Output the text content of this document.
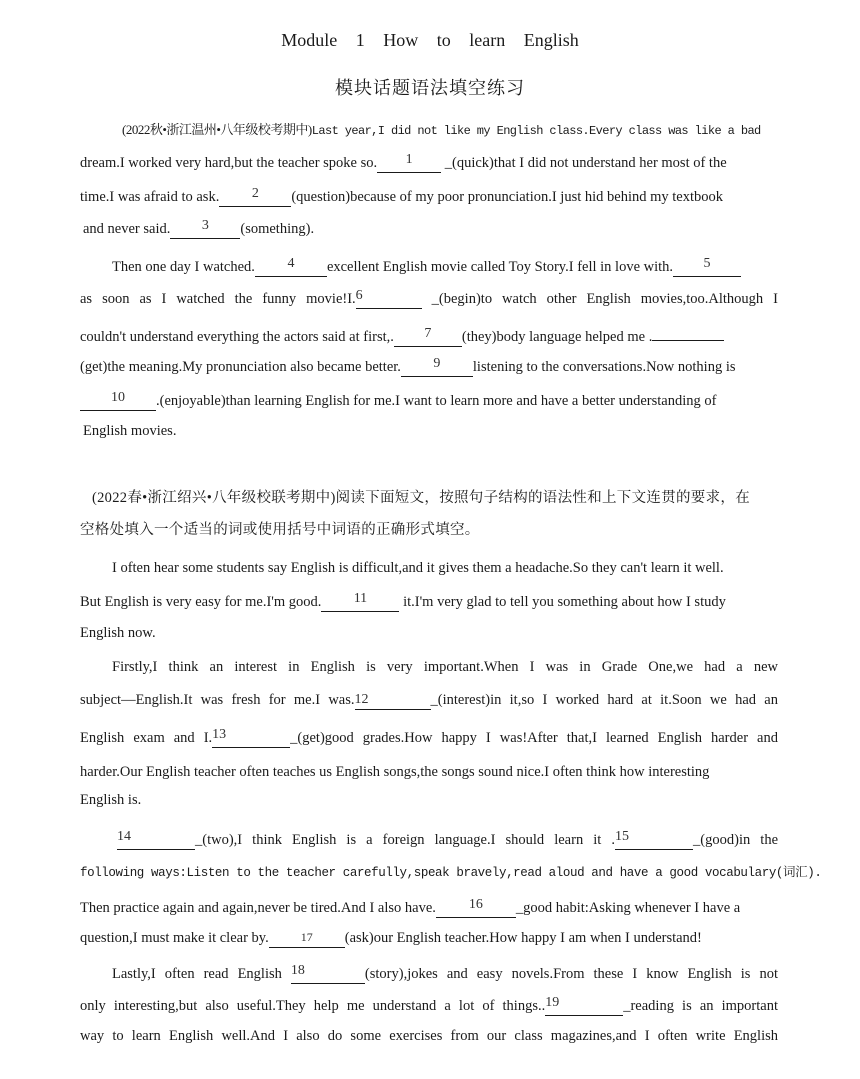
Module 1 How to learn English
模块话题语法填空练习
(2022秋•浙江温州•八年级校考期中)Last year,I did not like my English class.Every class was like a bad
dream.I worked very hard,but the teacher spoke so. 1 _(quick)that I did not understand her most of the
time.I was afraid to ask. 2 (question)because of my poor pronunciation.I just hid behind my textbook
and never said. 3 (something).
Then one day I watched. 4 excellent English movie called Toy Story.I fell in love with. 5
as soon as I watched the funny movie!I.6	_(begin)to watch other English movies,too.Although I
couldn't understand everything the actors said at first,. 7 (they)body language helped me .
(get)the meaning.My pronunciation also became better. 9 listening to the conversations.Now nothing is
10 .(enjoyable)than learning English for me.I want to learn more and have a better understanding of
English movies.
(2022春•浙江绍兴•八年级校联考期中)阅读下面短文，按照句子结构的语法性和上下文连贯的要求，在
空格处填入一个适当的词或使用括号中词语的正确形式填空。
I often hear some students say English is difficult,and it gives them a headache.So they can't learn it well.
But English is very easy for me.I'm good. 11 it.I'm very glad to tell you something about how I study
English now.
Firstly,I think an interest in English is very important.When I was in Grade One,we had a new
subject—English.It was fresh for me.I was.12	_(interest)in it,so I worked hard at it.Soon we had an
English exam and I.13	_(get)good grades.How happy I was!After that,I learned English harder and
harder.Our English teacher often teaches us English songs,the songs sound nice.I often think how interesting
English is.
14	_(two),I think English is a foreign language.I should learn it .15	_(good)in the
following ways:Listen to the teacher carefully,speak bravely,read aloud and have a good vocabulary(词汇).
Then practice again and again,never be tired.And I also have. 16 _good habit:Asking whenever I have a
question,I must make it clear by.	17 (ask)our English teacher.How happy I am when I understand!
Lastly,I often read English 18	(story),jokes and easy novels.From these I know English is not
only interesting,but also useful.They help me understand a lot of things..19	_reading is an important
way to learn English well.And I also do some exercises from our class magazines,and I often write English
